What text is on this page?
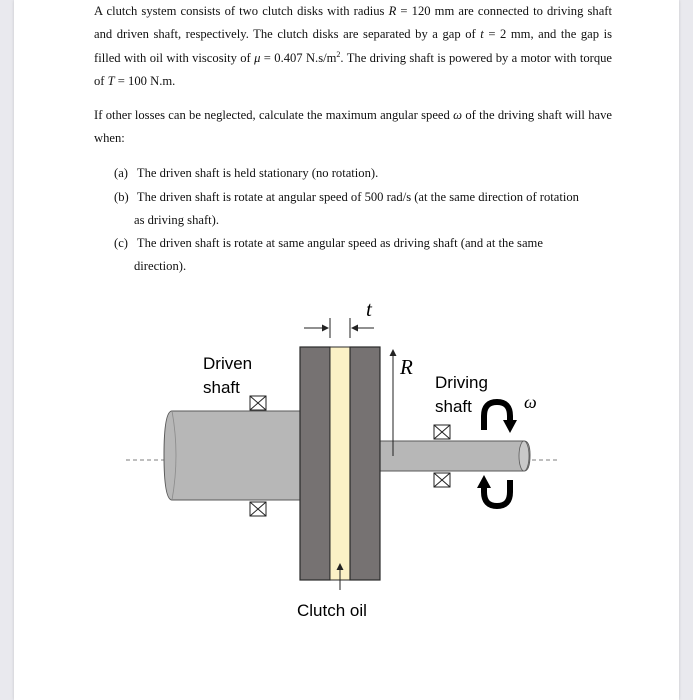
A clutch system consists of two clutch disks with radius R = 120 mm are connected to driving shaft and driven shaft, respectively. The clutch disks are separated by a gap of t = 2 mm, and the gap is filled with oil with viscosity of μ = 0.407 $N.s/m^2$. The driving shaft is powered by a motor with torque of T = 100 N.m.

If other losses can be neglected, calculate the maximum angular speed ω of the driving shaft will have when:

(a) The driven shaft is held stationary (no rotation).

(b) The driven shaft is rotate at angular speed of 500 rad/s (at the same direction of rotation
as driving shaft).

(c) The driven shaft is rotate at same angular speed as driving shaft (and at the same
direction).

t
R
Driven
shaft	Driving
shaft	ω
Clutch oil
